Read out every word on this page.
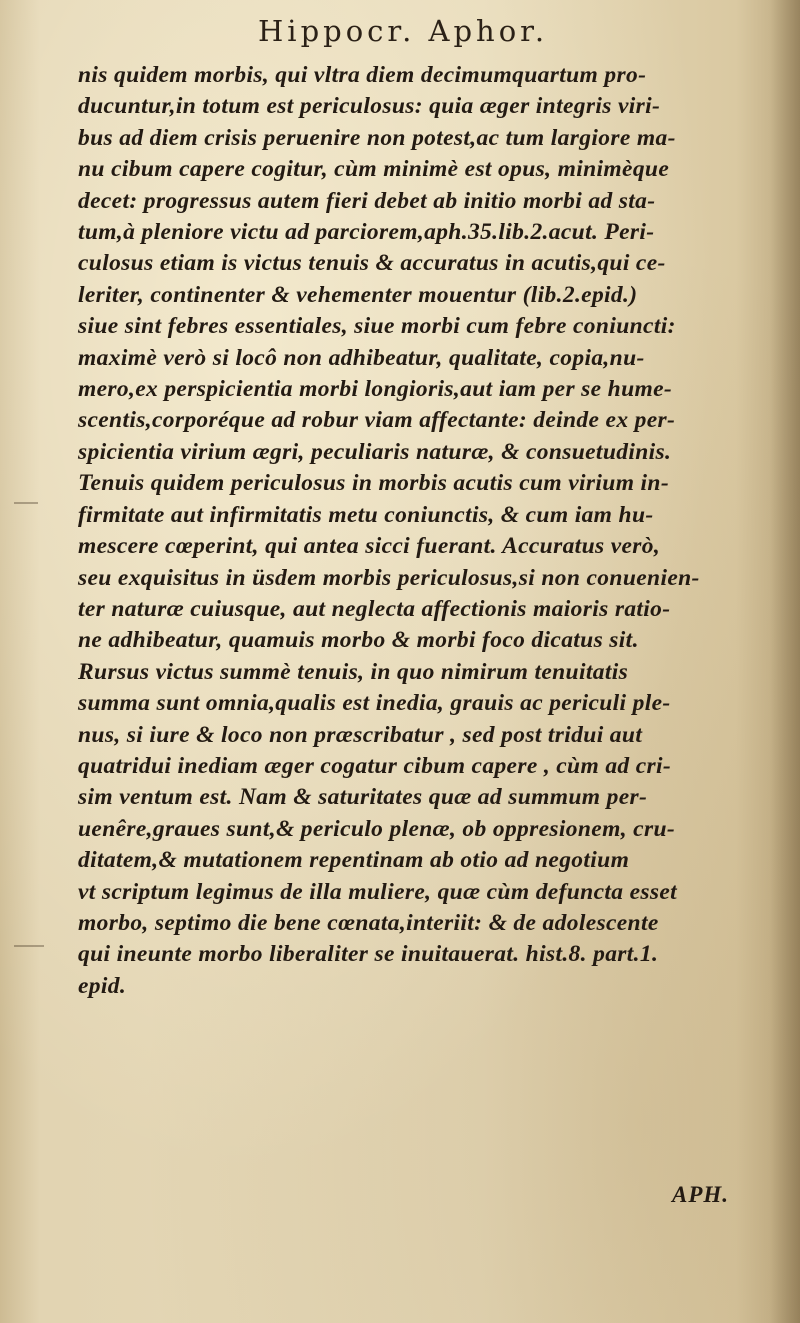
Hippocr. Aphor.
nis quidem morbis, qui vltra diem decimumquartum pro-
ducuntur,in totum est periculosus: quia æger integris viri-
bus ad diem crisis peruenire non potest,ac tum largiore ma-
nu cibum capere cogitur, cùm minimè est opus, minimèque
decet: progressus autem fieri debet ab initio morbi ad sta-
tum,à pleniore victu ad parciorem,aph.35.lib.2.acut. Peri-
culosus etiam is victus tenuis & accuratus in acutis,qui ce-
leriter, continenter & vehementer mouentur (lib.2.epid.)
siue sint febres essentiales, siue morbi cum febre coniuncti:
maximè verò si locô non adhibeatur, qualitate, copia,nu-
mero,ex perspicientia morbi longioris,aut iam per se hume-
scentis,corporéque ad robur viam affectante: deinde ex per-
spicientia virium ægri, peculiaris naturæ, & consuetudinis.
Tenuis quidem periculosus in morbis acutis cum virium in-
firmitate aut infirmitatis metu coniunctis, & cum iam hu-
mescere cœperint, qui antea sicci fuerant. Accuratus verò,
seu exquisitus in üsdem morbis periculosus,si non conuenien-
ter naturæ cuiusque, aut neglecta affectionis maioris ratio-
ne adhibeatur, quamuis morbo & morbi foco dicatus sit.
Rursus victus summè tenuis, in quo nimirum tenuitatis
summa sunt omnia,qualis est inedia, grauis ac periculi ple-
nus, si iure & loco non præscribatur , sed post tridui aut
quatridui inediam æger cogatur cibum capere , cùm ad cri-
sim ventum est. Nam & saturitates quæ ad summum per-
uenêre,graues sunt,& periculo plenæ, ob oppresionem, cru-
ditatem,& mutationem repentinam ab otio ad negotium
vt scriptum legimus de illa muliere, quæ cùm defuncta esset
morbo, septimo die bene cœnata,interiit: & de adolescente
qui ineunte morbo liberaliter se inuitauerat. hist.8. part.1.
epid.
APH.
